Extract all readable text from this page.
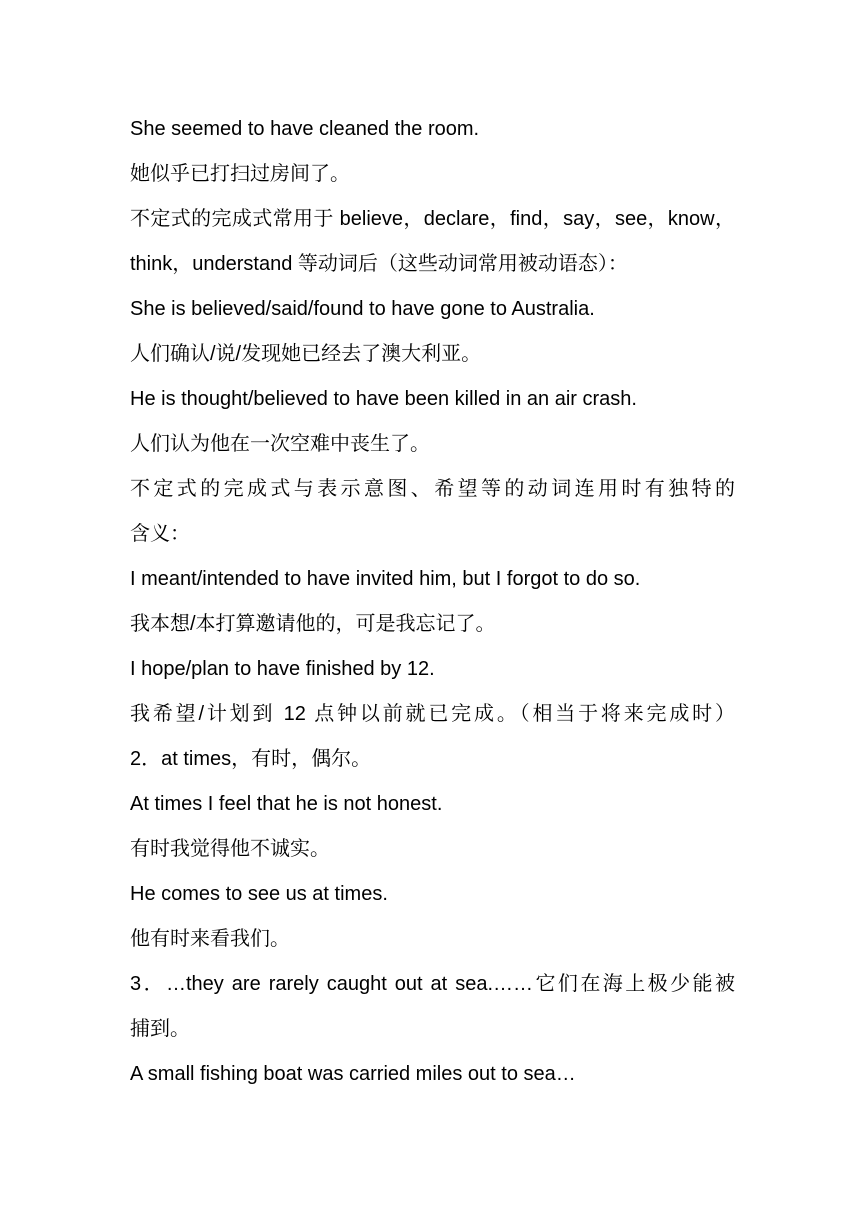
She seemed to have cleaned the room.
她似乎已打扫过房间了。
不定式的完成式常用于 believe，declare，find，say，see，know，
think，understand 等动词后（这些动词常用被动语态）：
She is believed/said/found to have gone to Australia.
人们确认/说/发现她已经去了澳大利亚。
He is thought/believed to have been killed in an air crash.
人们认为他在一次空难中丧生了。
不定式的完成式与表示意图、希望等的动词连用时有独特的
含义：
I meant/intended to have invited him, but I forgot to do so.
我本想/本打算邀请他的，可是我忘记了。
I hope/plan to have finished by 12.
我希望/计划到 12 点钟以前就已完成。（相当于将来完成时）
2．at times，有时，偶尔。
At times I feel that he is not honest.
有时我觉得他不诚实。
He comes to see us at times.
他有时来看我们。
3．…they are rarely caught out at sea.……它们在海上极少能被
捕到。
A small fishing boat was carried miles out to sea…
